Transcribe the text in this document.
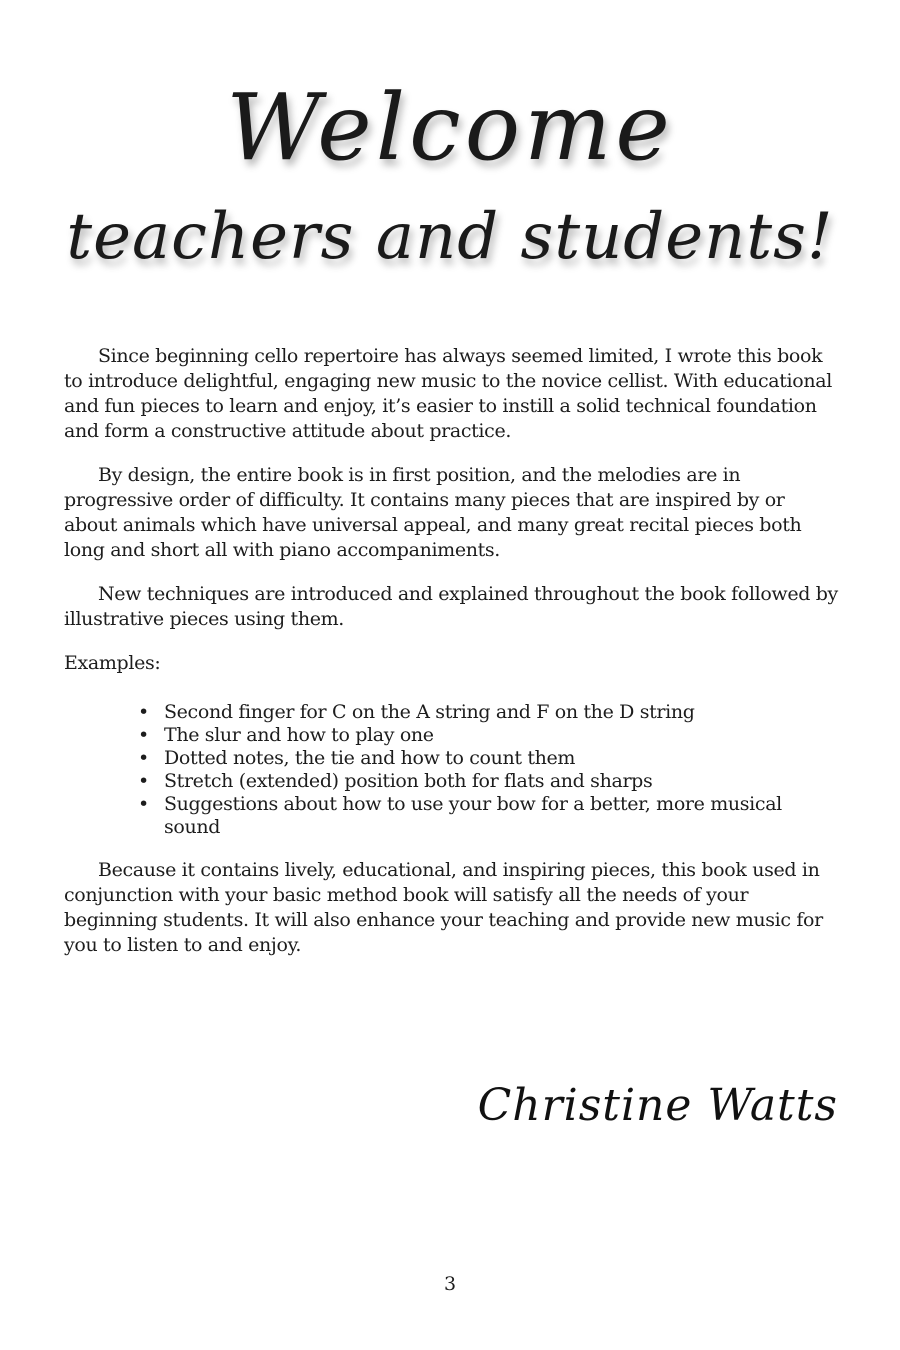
Welcome
teachers and students!

Since beginning cello repertoire has always seemed limited, I wrote this book to introduce delightful, engaging new music to the novice cellist. With educational and fun pieces to learn and enjoy, it’s easier to instill a solid technical foundation and form a constructive attitude about practice.

By design, the entire book is in first position, and the melodies are in progressive order of difficulty. It contains many pieces that are inspired by or about animals which have universal appeal, and many great recital pieces both long and short all with piano accompaniments.

New techniques are introduced and explained throughout the book followed by illustrative pieces using them.

Examples:

• Second finger for C on the A string and F on the D string
• The slur and how to play one
• Dotted notes, the tie and how to count them
• Stretch (extended) position both for flats and sharps
• Suggestions about how to use your bow for a better, more musical sound

Because it contains lively, educational, and inspiring pieces, this book used in conjunction with your basic method book will satisfy all the needs of your beginning students. It will also enhance your teaching and provide new music for you to listen to and enjoy.

Christine Watts
3
